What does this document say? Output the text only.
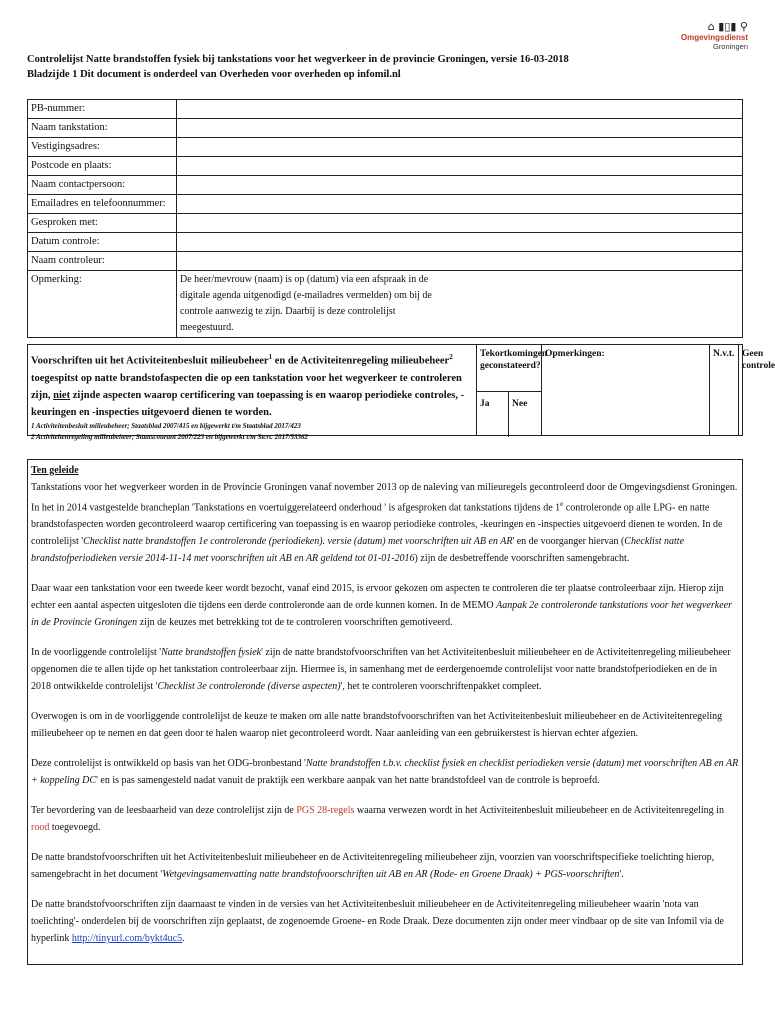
Controlelijst Natte brandstoffen fysiek bij tankstations voor het wegverkeer in de provincie Groningen, versie 16-03-2018
Bladzijde 1 Dit document is onderdeel van Overheden voor overheden op infomil.nl
⌂ ▮▯▮ ⚲
Omgevingsdienst
Groningen
PB-nummer:	
Naam tankstation:	
Vestigingsadres:	
Postcode en plaats:	
Naam contactpersoon:	
Emailadres en telefoonnummer:	
Gesproken met:	
Datum controle:	
Naam controleur:	
Opmerking:	De heer/mevrouw (naam) is op (datum) via een afspraak in de digitale agenda uitgenodigd (e-mailadres vermelden) om bij de controle aanwezig te zijn. Daarbij is deze controlelijst meegestuurd.
Voorschriften uit het Activiteitenbesluit milieubeheer$^1$ en de Activiteitenregeling milieubeheer$^2$ toegespitst op natte brandstofaspecten die op een tankstation voor het wegverkeer te controleren zijn, niet zijnde aspecten waarop certificering van toepassing is en waarop periodieke controles, -keuringen en -inspecties uitgevoerd dienen te worden.
1 Activiteitenbesluit milieubeheer; Staatsblad 2007/415 en bijgewerkt t/m Staatsblad 2017/423
2 Activiteitenregeling milieubeheer; Staatscourant 2007/223 en bijgewerkt t/m Stcrt. 2017/53362
Tekortkomingen geconstateerd?
Ja	Nee
Opmerkingen:	N.v.t. Geen controle

Ten geleide

Tankstations voor het wegverkeer worden in de Provincie Groningen vanaf november 2013 op de naleving van milieuregels gecontroleerd door de Omgevingsdienst Groningen. In het in 2014 vastgestelde brancheplan 'Tankstations en voertuiggerelateerd onderhoud ' is afgesproken dat tankstations tijdens de 1e controleronde op alle LPG- en natte brandstofaspecten worden gecontroleerd waarop certificering van toepassing is en waarop periodieke controles, -keuringen en -inspecties uitgevoerd dienen te worden. In de controlelijst 'Checklist natte brandstoffen 1e controleronde (periodieken). versie (datum) met voorschriften uit AB en AR' en de voorganger hiervan (Checklist natte brandstofperiodieken versie 2014-11-14 met voorschriften uit AB en AR geldend tot 01-01-2016) zijn de desbetreffende voorschriften samengebracht.

Daar waar een tankstation voor een tweede keer wordt bezocht, vanaf eind 2015, is ervoor gekozen om aspecten te controleren die ter plaatse controleerbaar zijn. Hierop zijn echter een aantal aspecten uitgesloten die tijdens een derde controleronde aan de orde kunnen komen. In de MEMO Aanpak 2e controleronde tankstations voor het wegverkeer in de Provincie Groningen zijn de keuzes met betrekking tot de te controleren voorschriften gemotiveerd.

In de voorliggende controlelijst 'Natte brandstoffen fysiek' zijn de natte brandstofvoorschriften van het Activiteitenbesluit milieubeheer en de Activiteitenregeling milieubeheer opgenomen die te allen tijde op het tankstation controleerbaar zijn. Hiermee is, in samenhang met de eerdergenoemde controlelijst voor natte brandstofperiodieken en de in 2018 ontwikkelde controlelijst 'Checklist 3e controleronde (diverse aspecten)', het te controleren voorschriftenpakket compleet.

Overwogen is om in de voorliggende controlelijst de keuze te maken om alle natte brandstofvoorschriften van het Activiteitenbesluit milieubeheer en de Activiteitenregeling milieubeheer op te nemen en dat geen door te halen waarop niet gecontroleerd wordt. Naar aanleiding van een gebruikerstest is hiervan echter afgezien.

Deze controlelijst is ontwikkeld op basis van het ODG-bronbestand 'Natte brandstoffen t.b.v. checklist fysiek en checklist periodieken versie (datum) met voorschriften AB en AR + koppeling DC' en is pas samengesteld nadat vanuit de praktijk een werkbare aanpak van het natte brandstofdeel van de controle is beproefd.

Ter bevordering van de leesbaarheid van deze controlelijst zijn de PGS 28-regels waarna verwezen wordt in het Activiteitenbesluit milieubeheer en de Activiteitenregeling in rood toegevoegd.

De natte brandstofvoorschriften uit het Activiteitenbesluit milieubeheer en de Activiteitenregeling milieubeheer zijn, voorzien van voorschriftspecifieke toelichting hierop, samengebracht in het document 'Wetgevingsamenvatting natte brandstofvoorschriften uit AB en AR (Rode- en Groene Draak) + PGS-voorschriften'.

De natte brandstofvoorschriften zijn daarnaast te vinden in de versies van het Activiteitenbesluit milieubeheer en de Activiteitenregeling milieubeheer waarin 'nota van toelichting'- onderdelen bij de voorschriften zijn geplaatst, de zogenoemde Groene- en Rode Draak. Deze documenten zijn onder meer vindbaar op de site van Infomil via de hyperlink http://tinyurl.com/bykt4uc5.
